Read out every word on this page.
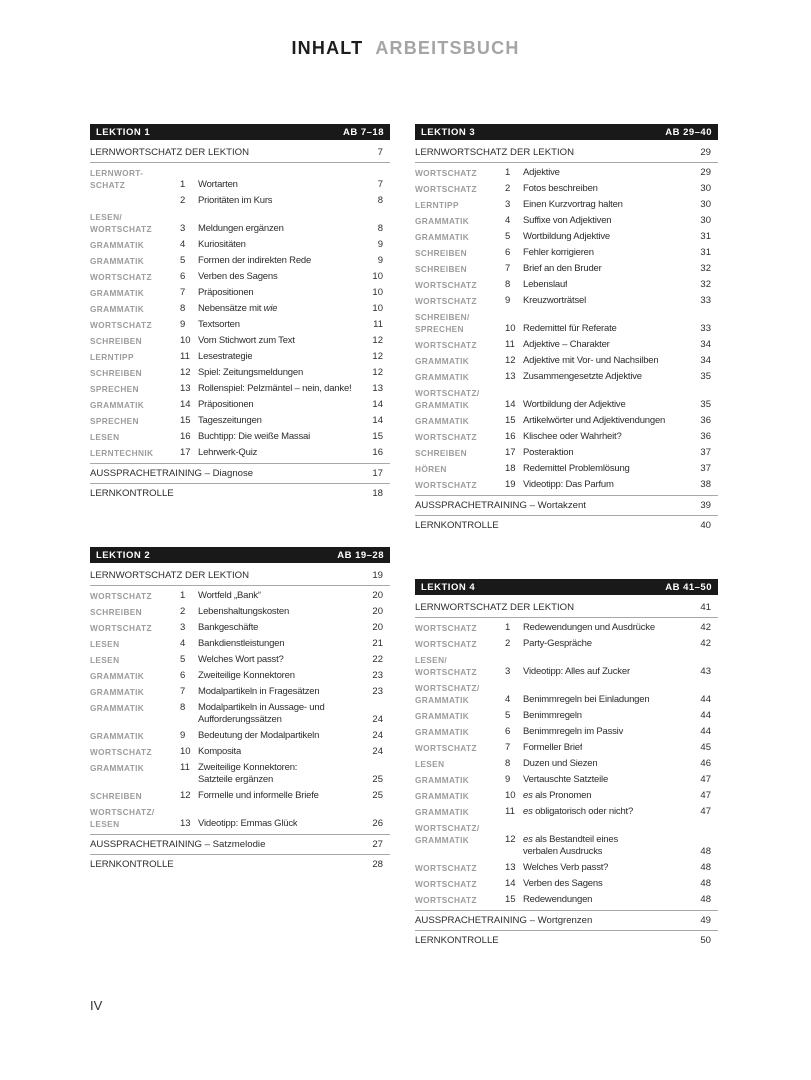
INHALT ARBEITSBUCH
LEKTION 1	AB 7–18
LERNWORTSCHATZ DER LEKTION	7
LERNWORT-
SCHATZ	1	Wortarten	7
2	Prioritäten im Kurs	8
LESEN/
WORTSCHATZ	3	Meldungen ergänzen	8
GRAMMATIK	4	Kuriositäten	9
GRAMMATIK	5	Formen der indirekten Rede	9
WORTSCHATZ	6	Verben des Sagens	10
GRAMMATIK	7	Präpositionen	10
GRAMMATIK	8	Nebensätze mit wie	10
WORTSCHATZ	9	Textsorten	11
SCHREIBEN	10 Vom Stichwort zum Text	12
LERNTIPP	11 Lesestrategie	12
SCHREIBEN	12 Spiel: Zeitungsmeldungen	12
SPRECHEN	13 Rollenspiel: Pelzmäntel – nein, danke!	13
GRAMMATIK	14 Präpositionen	14
SPRECHEN	15 Tageszeitungen	14
LESEN	16 Buchtipp: Die weiße Massai	15
LERNTECHNIK	17 Lehrwerk-Quiz	16
AUSSPRACHETRAINING – Diagnose	17
LERNKONTROLLE	18
LEKTION 2	AB 19–28
LERNWORTSCHATZ DER LEKTION	19
WORTSCHATZ	1	Wortfeld „Bank“	20
SCHREIBEN	2	Lebenshaltungskosten	20
WORTSCHATZ	3	Bankgeschäfte	20
LESEN	4	Bankdienstleistungen	21
LESEN	5	Welches Wort passt?	22
GRAMMATIK	6	Zweiteilige Konnektoren	23
GRAMMATIK	7	Modalpartikeln in Fragesätzen	23
GRAMMATIK	8	Modalpartikeln in Aussage- und
Aufforderungssätzen	24
GRAMMATIK	9	Bedeutung der Modalpartikeln	24
WORTSCHATZ	10 Komposita	24
GRAMMATIK	11 Zweiteilige Konnektoren:
Satzteile ergänzen	25
SCHREIBEN	12 Formelle und informelle Briefe	25
WORTSCHATZ/
LESEN	13 Videotipp: Emmas Glück	26
AUSSPRACHETRAINING – Satzmelodie	27
LERNKONTROLLE	28
LEKTION 3	AB 29–40
LERNWORTSCHATZ DER LEKTION	29
WORTSCHATZ	1	Adjektive	29
WORTSCHATZ	2	Fotos beschreiben	30
LERNTIPP	3	Einen Kurzvortrag halten	30
GRAMMATIK	4	Suffixe von Adjektiven	30
GRAMMATIK	5	Wortbildung Adjektive	31
SCHREIBEN	6	Fehler korrigieren	31
SCHREIBEN	7	Brief an den Bruder	32
WORTSCHATZ	8	Lebenslauf	32
WORTSCHATZ	9	Kreuzworträtsel	33
SCHREIBEN/
SPRECHEN	10 Redemittel für Referate	33
WORTSCHATZ	11 Adjektive – Charakter	34
GRAMMATIK	12 Adjektive mit Vor- und Nachsilben	34
GRAMMATIK	13 Zusammengesetzte Adjektive	35
WORTSCHATZ/
GRAMMATIK	14 Wortbildung der Adjektive	35
GRAMMATIK	15 Artikelwörter und Adjektivendungen	36
WORTSCHATZ	16 Klischee oder Wahrheit?	36
SCHREIBEN	17 Posteraktion	37
HÖREN	18 Redemittel Problemlösung	37
WORTSCHATZ	19 Videotipp: Das Parfum	38
AUSSPRACHETRAINING – Wortakzent	39
LERNKONTROLLE	40
LEKTION 4	AB 41–50
LERNWORTSCHATZ DER LEKTION	41
WORTSCHATZ	1	Redewendungen und Ausdrücke	42
WORTSCHATZ	2	Party-Gespräche	42
LESEN/
WORTSCHATZ	3	Videotipp: Alles auf Zucker	43
WORTSCHATZ/
GRAMMATIK	4	Benimmregeln bei Einladungen	44
GRAMMATIK	5	Benimmregeln	44
GRAMMATIK	6	Benimmregeln im Passiv	44
WORTSCHATZ	7	Formeller Brief	45
LESEN	8	Duzen und Siezen	46
GRAMMATIK	9	Vertauschte Satzteile	47
GRAMMATIK	10 es als Pronomen	47
GRAMMATIK	11 es obligatorisch oder nicht?	47
WORTSCHATZ/
GRAMMATIK	12 es als Bestandteil eines
verbalen Ausdrucks	48
WORTSCHATZ	13 Welches Verb passt?	48
WORTSCHATZ	14 Verben des Sagens	48
WORTSCHATZ	15 Redewendungen	48
AUSSPRACHETRAINING – Wortgrenzen	49
LERNKONTROLLE	50
IV
